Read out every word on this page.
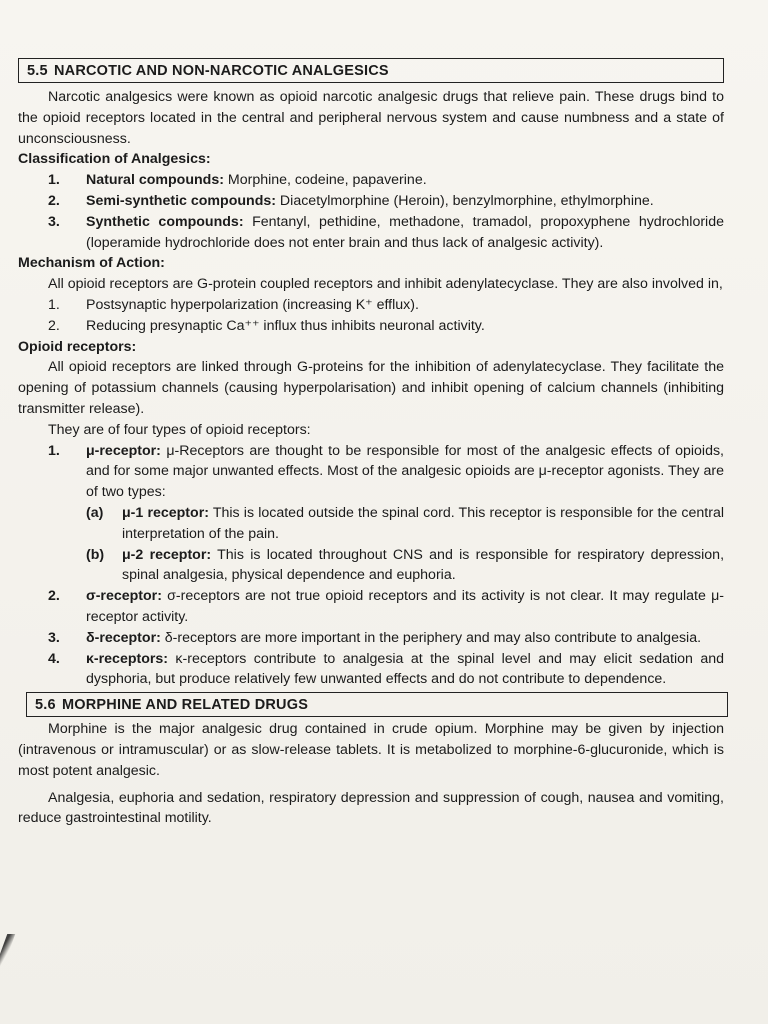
5.5 NARCOTIC AND NON-NARCOTIC ANALGESICS

Narcotic analgesics were known as opioid narcotic analgesic drugs that relieve pain. These drugs bind to the opioid receptors located in the central and peripheral nervous system and cause numbness and a state of unconsciousness.

Classification of Analgesics:

1.	Natural compounds: Morphine, codeine, papaverine.
2.	Semi-synthetic compounds: Diacetylmorphine (Heroin), benzylmorphine, ethylmorphine.
3.	Synthetic compounds: Fentanyl, pethidine, methadone, tramadol, propoxyphene hydrochloride (loperamide hydrochloride does not enter brain and thus lack of analgesic activity).

Mechanism of Action:

All opioid receptors are G-protein coupled receptors and inhibit adenylatecyclase. They are also involved in,

1.	Postsynaptic hyperpolarization (increasing K⁺ efflux).
2.	Reducing presynaptic Ca⁺⁺ influx thus inhibits neuronal activity.

Opioid receptors:

All opioid receptors are linked through G-proteins for the inhibition of adenylatecyclase. They facilitate the opening of potassium channels (causing hyperpolarisation) and inhibit opening of calcium channels (inhibiting transmitter release).

They are of four types of opioid receptors:

1.	μ-receptor: μ-Receptors are thought to be responsible for most of the analgesic effects of opioids, and for some major unwanted effects. Most of the analgesic opioids are μ-receptor agonists. They are of two types:
(a) μ-1 receptor: This is located outside the spinal cord. This receptor is responsible for the central interpretation of the pain.
(b) μ-2 receptor: This is located throughout CNS and is responsible for respiratory depression, spinal analgesia, physical dependence and euphoria.
2.	σ-receptor: σ-receptors are not true opioid receptors and its activity is not clear. It may regulate μ-receptor activity.
3.	δ-receptor: δ-receptors are more important in the periphery and may also contribute to analgesia.
4.	κ-receptors: κ-receptors contribute to analgesia at the spinal level and may elicit sedation and dysphoria, but produce relatively few unwanted effects and do not contribute to dependence.
5.6 MORPHINE AND RELATED DRUGS

Morphine is the major analgesic drug contained in crude opium. Morphine may be given by injection (intravenous or intramuscular) or as slow-release tablets. It is metabolized to morphine-6-glucuronide, which is most potent analgesic.

Analgesia, euphoria and sedation, respiratory depression and suppression of cough, nausea and vomiting, reduce gastrointestinal motility.
